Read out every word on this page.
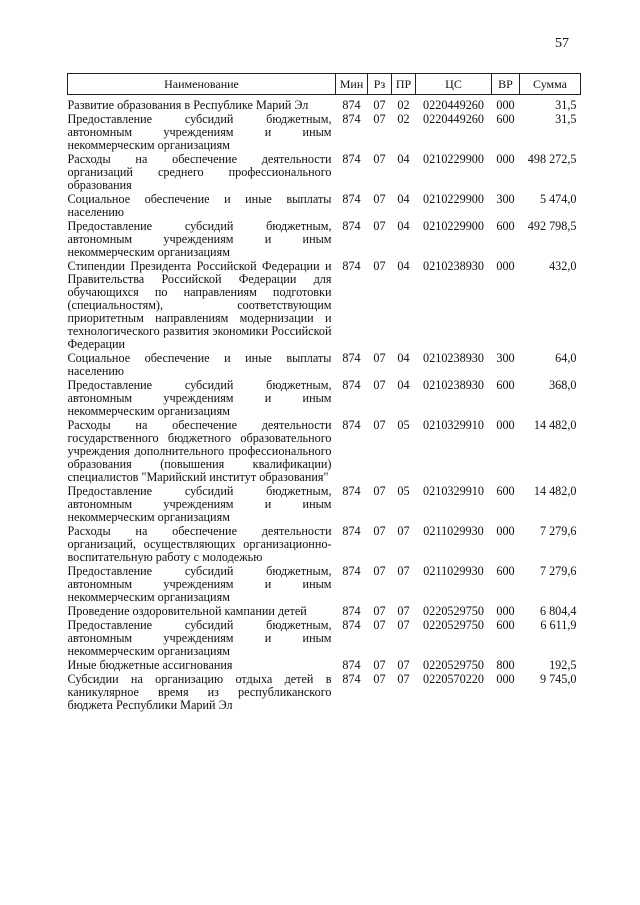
57
Наименование	Мин	Рз	ПР	ЦС	ВР	Сумма

Развитие образования в Республике Марий Эл	874	07	02	0220449260	000	31,5
Предоставление субсидий бюджетным, автономным учреждениям и иным некоммерческим организациям	874	07	02	0220449260	600	31,5
Расходы на обеспечение деятельности организаций среднего профессионального образования	874	07	04	0210229900	000	498 272,5
Социальное обеспечение и иные выплаты населению	874	07	04	0210229900	300	5 474,0
Предоставление субсидий бюджетным, автономным учреждениям и иным некоммерческим организациям	874	07	04	0210229900	600	492 798,5
Стипендии Президента Российской Федерации и Правительства Российской Федерации для обучающихся по направлениям подготовки (специальностям), соответствующим приоритетным направлениям модернизации и технологического развития экономики Российской Федерации	874	07	04	0210238930	000	432,0
Социальное обеспечение и иные выплаты населению	874	07	04	0210238930	300	64,0
Предоставление субсидий бюджетным, автономным учреждениям и иным некоммерческим организациям	874	07	04	0210238930	600	368,0
Расходы на обеспечение деятельности государственного бюджетного образовательного учреждения дополнительного профессионального образования (повышения квалификации) специалистов "Марийский институт образования"	874	07	05	0210329910	000	14 482,0
Предоставление субсидий бюджетным, автономным учреждениям и иным некоммерческим организациям	874	07	05	0210329910	600	14 482,0
Расходы на обеспечение деятельности организаций, осуществляющих организационно-воспитательную работу с молодежью	874	07	07	0211029930	000	7 279,6
Предоставление субсидий бюджетным, автономным учреждениям и иным некоммерческим организациям	874	07	07	0211029930	600	7 279,6
Проведение оздоровительной кампании детей	874	07	07	0220529750	000	6 804,4
Предоставление субсидий бюджетным, автономным учреждениям и иным некоммерческим организациям	874	07	07	0220529750	600	6 611,9
Иные бюджетные ассигнования	874	07	07	0220529750	800	192,5
Субсидии на организацию отдыха детей в каникулярное время из республиканского бюджета Республики Марий Эл	874	07	07	0220570220	000	9 745,0
